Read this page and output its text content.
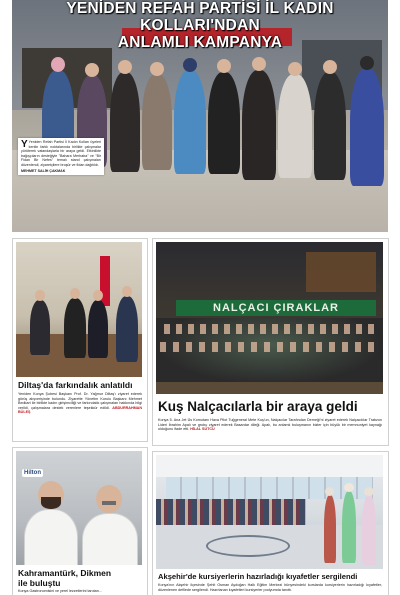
YENİDEN REFAH PARTİSİ İL KADIN KOLLARI'NDAN
ANLAMLI KAMPANYA
Y Yeniden Refah Partisi İl Kadın Kolları üyeleri kentin farklı noktalarında birlikte çalışmalar yürüterek vatandaşlarla bir araya geldi. Etkinlikte bağışçıların desteğiyle "Bahara Merhaba" ve "Bir Fidan Bir Nefes" temalı stand çalışmaları düzenlendi, ziyaretçilere broşür ve fidan dağıtıldı.
MEHMET SALİH ÇAKMAK
Diltaş'da farkındalık anlatıldı
Yeniden Konya Şubesi Başkanı Prof. Dr. Yağmur Diltaş'ı ziyaret ederek görüş alışverişinde bulundu. Ziyarette Yönetim Kurulu Başkanı Mehmet Bedkart ile birlikte kadın girişimciliği ve farkındalık çalışmaları hakkında bilgi verildi, çalışmalara destek verenlere teşekkür edildi. ABDURRAHMAN BÜLEŞ
NALÇACI ÇIRAKLAR
Kuş Nalçacılarla bir araya geldi
Konya 5. Ana Jet Üs Komutanı Hava Pilot Tuğgeneral Mete Kuş'un, Nalçacılar Tarafından Derneği'ni ziyaret ederek Nalçacılılar Trabzon Lideri İbrahim Apalı ve grubu ziyaret ederek Basardar dileği. Apalı, bu anlamlı buluşmanın bizler için büyük bir memnuniyet kaynağı olduğunu ifade etti. HİLAL SÜTCÜ
Hilton
Kahramantürk, Dikmen
ile buluştu
Konya Gastronomisini ve yerel lezzetlerini tanıtan...
Akşehir'de kursiyerlerin hazırladığı kıyafetler sergilendi
Konya'nın Akşehir ilçesinde Şehit Osman Aydoğan Halk Eğitim Merkezi bünyesindeki kurslarda kursiyerlerin hazırladığı kıyafetler, düzenlenen defilede sergilendi. Hazırlanan kıyafetleri kursiyerler podyumda tanıttı.
